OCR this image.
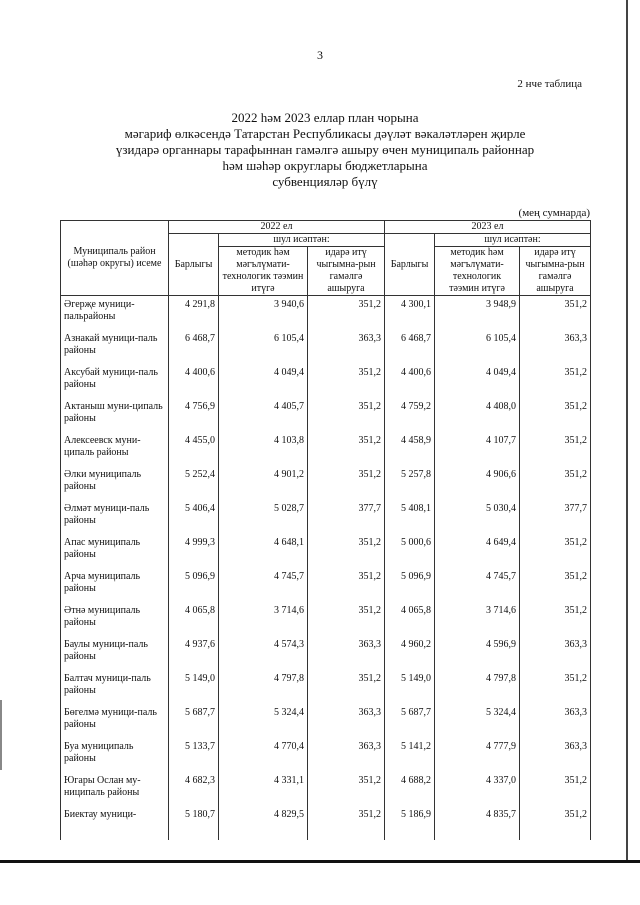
3
2 нче таблица
2022 һәм 2023 еллар план чорына
мәгариф өлкәсендә Татарстан Республикасы дәүләт вәкаләтләрен җирле
үзидарә органнары тарафыннан гамәлгә ашыру өчен муниципаль районнар
һәм шәһәр округлары бюджетларына
субвенцияләр бүлү
(мең сумнарда)
Муниципаль район (шәһәр округы) исеме	2022 ел			2023 ел		
	Барлыгы	шул исәптән:		Барлыгы	шул исәптән:	
		методик һәм мәгълүмати-технологик тәэмин итүгә	идарә итү чыгымна-рын гамәлгә ашыруга		методик һәм мәгълүмати-технологик тәэмин итүгә	идарә итү чыгымна-рын гамәлгә ашыруга
Әгерҗе муници-пальрайоны	4 291,8	3 940,6	351,2	4 300,1	3 948,9	351,2
Азнакай муници-паль районы	6 468,7	6 105,4	363,3	6 468,7	6 105,4	363,3
Аксубай муници-паль районы	4 400,6	4 049,4	351,2	4 400,6	4 049,4	351,2
Актаныш муни-ципаль районы	4 756,9	4 405,7	351,2	4 759,2	4 408,0	351,2
Алексеевск муни-ципаль районы	4 455,0	4 103,8	351,2	4 458,9	4 107,7	351,2
Әлки муниципаль районы	5 252,4	4 901,2	351,2	5 257,8	4 906,6	351,2
Әлмәт муници-паль районы	5 406,4	5 028,7	377,7	5 408,1	5 030,4	377,7
Апас муниципаль районы	4 999,3	4 648,1	351,2	5 000,6	4 649,4	351,2
Арча муниципаль районы	5 096,9	4 745,7	351,2	5 096,9	4 745,7	351,2
Әтнә муниципаль районы	4 065,8	3 714,6	351,2	4 065,8	3 714,6	351,2
Баулы муници-паль районы	4 937,6	4 574,3	363,3	4 960,2	4 596,9	363,3
Балтач муници-паль районы	5 149,0	4 797,8	351,2	5 149,0	4 797,8	351,2
Бөгелмә муници-паль районы	5 687,7	5 324,4	363,3	5 687,7	5 324,4	363,3
Буа муниципаль районы	5 133,7	4 770,4	363,3	5 141,2	4 777,9	363,3
Югары Ослан му-ниципаль районы	4 682,3	4 331,1	351,2	4 688,2	4 337,0	351,2
Биектау муници-	5 180,7	4 829,5	351,2	5 186,9	4 835,7	351,2
